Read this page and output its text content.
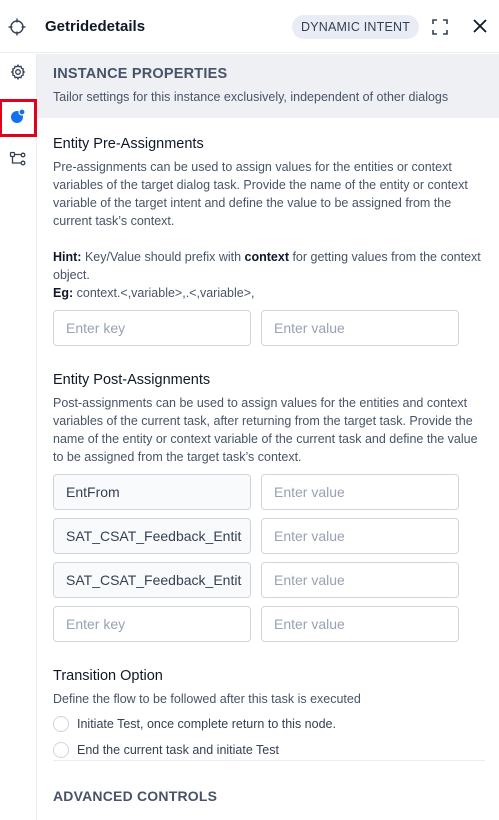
Getridedetails	DYNAMIC INTENT
INSTANCE PROPERTIES
Tailor settings for this instance exclusively, independent of other dialogs
Entity Pre-Assignments
Pre-assignments can be used to assign values for the entities or context variables of the target dialog task. Provide the name of the entity or context variable of the target intent and define the value to be assigned from the current task’s context.
Hint: Key/Value should prefix with context for getting values from the context object.
Eg: context.<,variable>,.<,variable>,
Enter key
Enter value
Entity Post-Assignments
Post-assignments can be used to assign values for the entities and context variables of the current task, after returning from the target task. Provide the name of the entity or context variable of the current task and define the value to be assigned from the target task’s context.
EntFrom
Enter value
SAT_CSAT_Feedback_Entit
Enter value
SAT_CSAT_Feedback_Entit
Enter value
Enter key
Enter value
Transition Option
Define the flow to be followed after this task is executed
Initiate Test, once complete return to this node.
End the current task and initiate Test
ADVANCED CONTROLS
